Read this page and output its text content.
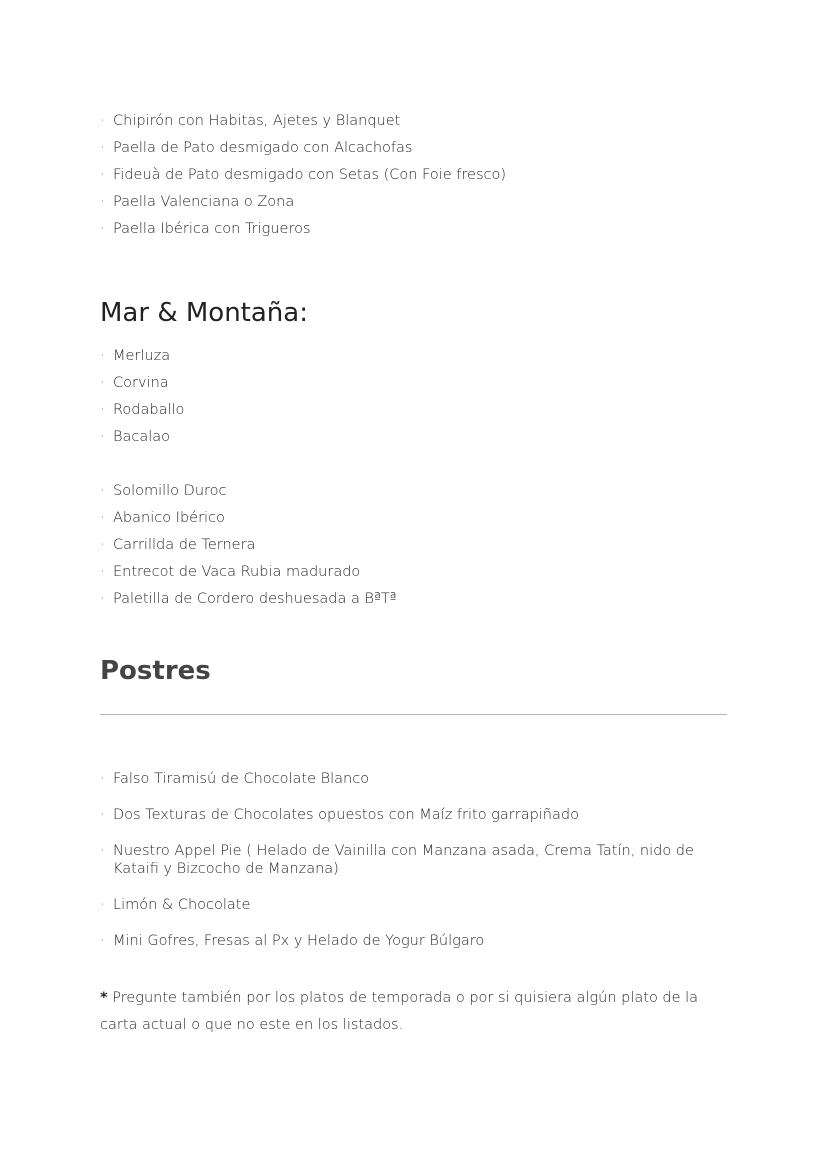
· Chipirón con Habitas, Ajetes y Blanquet
· Paella de Pato desmigado con Alcachofas
· Fideuà de Pato desmigado con Setas (Con Foie fresco)
· Paella Valenciana o Zona
· Paella Ibérica con Trigueros
Mar & Montaña:
· Merluza
· Corvina
· Rodaballo
· Bacalao
· Solomillo Duroc
· Abanico Ibérico
· Carrillda de Ternera
· Entrecot de Vaca Rubia madurado
· Paletilla de Cordero deshuesada a BªTª
Postres
· Falso Tiramisú de Chocolate Blanco
· Dos Texturas de Chocolates opuestos con Maíz frito garrapiñado
· Nuestro Appel Pie ( Helado de Vainilla con Manzana asada, Crema Tatín, nido de Kataifi y Bizcocho de Manzana)
· Limón & Chocolate
· Mini Gofres, Fresas al Px y Helado de Yogur Búlgaro

* Pregunte también por los platos de temporada o por si quisiera algún plato de la carta actual o que no este en los listados.
